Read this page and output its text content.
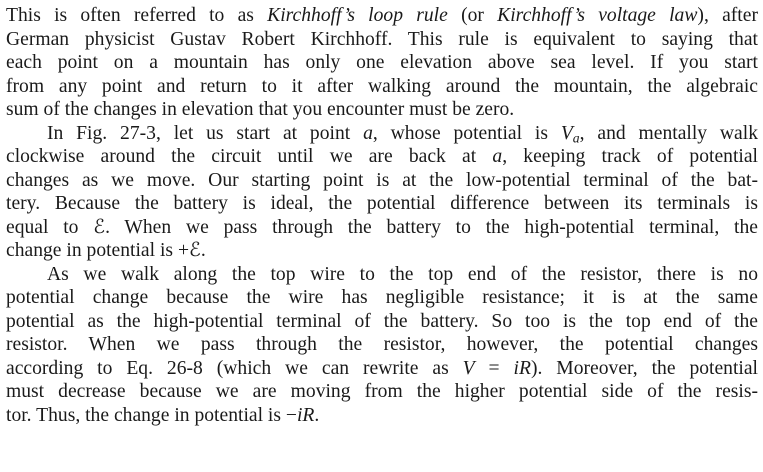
This is often referred to as Kirchhoff’s loop rule (or Kirchhoff’s voltage law), after
German physicist Gustav Robert Kirchhoff. This rule is equivalent to saying that
each point on a mountain has only one elevation above sea level. If you start
from any point and return to it after walking around the mountain, the algebraic
sum of the changes in elevation that you encounter must be zero.
In Fig. 27-3, let us start at point a, whose potential is $V_a$, and mentally walk
clockwise around the circuit until we are back at a, keeping track of potential
changes as we move. Our starting point is at the low-potential terminal of the bat-
tery. Because the battery is ideal, the potential difference between its terminals is
equal to ℰ. When we pass through the battery to the high-potential terminal, the
change in potential is +ℰ.
As we walk along the top wire to the top end of the resistor, there is no
potential change because the wire has negligible resistance; it is at the same
potential as the high-potential terminal of the battery. So too is the top end of the
resistor. When we pass through the resistor, however, the potential changes
according to Eq. 26-8 (which we can rewrite as V = iR). Moreover, the potential
must decrease because we are moving from the higher potential side of the resis-
tor. Thus, the change in potential is −iR.
